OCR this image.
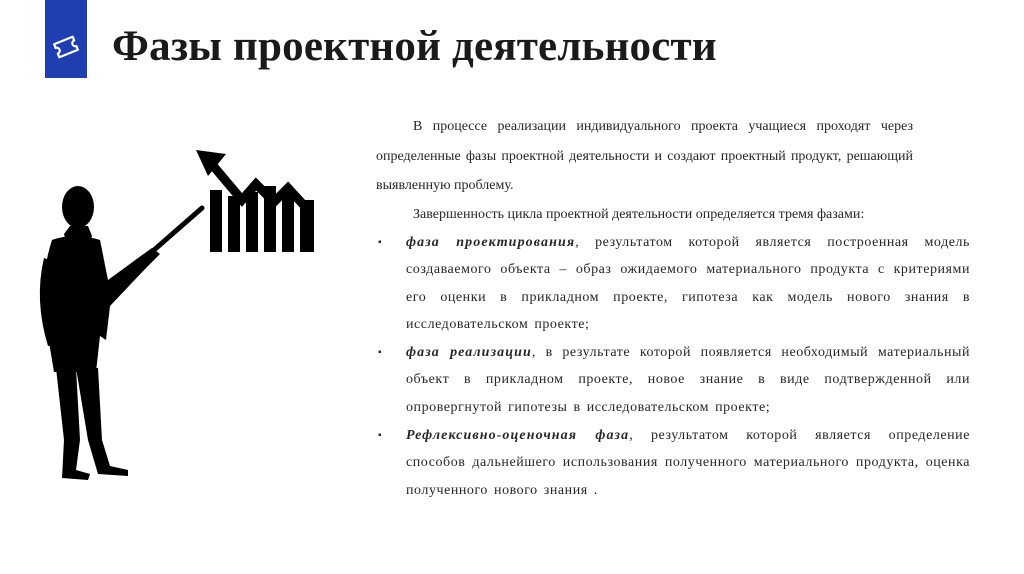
Фазы проектной деятельности

В процессе реализации индивидуального проекта учащиеся проходят через определенные фазы проектной деятельности и создают проектный продукт, решающий выявленную проблему.

Завершенность цикла проектной деятельности определяется тремя фазами:

▪ фаза проектирования, результатом которой является построенная модель создаваемого объекта – образ ожидаемого материального продукта с критериями его оценки в прикладном проекте, гипотеза как модель нового знания в исследовательском проекте;
▪ фаза реализации, в результате которой появляется необходимый материальный объект в прикладном проекте, новое знание в виде подтвержденной или опровергнутой гипотезы в исследовательском проекте;
▪ Рефлексивно-оценочная фаза, результатом которой является определение способов дальнейшего использования полученного материального продукта, оценка полученного нового знания .
